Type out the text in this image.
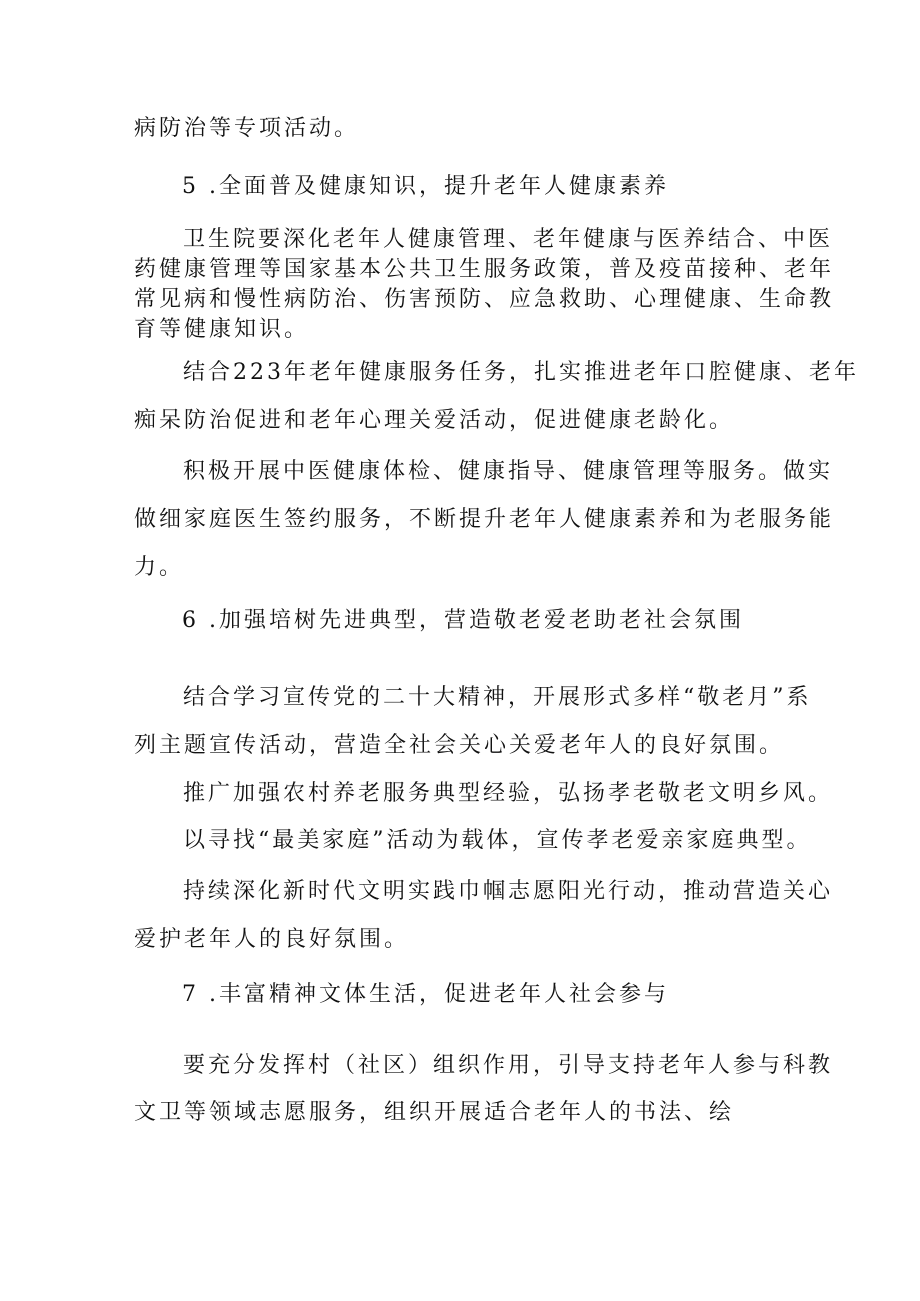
病防治等专项活动。
5 .全面普及健康知识，提升老年人健康素养
卫生院要深化老年人健康管理、老年健康与医养结合、中医
药健康管理等国家基本公共卫生服务政策，普及疫苗接种、老年
常见病和慢性病防治、伤害预防、应急救助、心理健康、生命教
育等健康知识。
结合223年老年健康服务任务，扎实推进老年口腔健康、老年
痴呆防治促进和老年心理关爱活动，促进健康老龄化。
积极开展中医健康体检、健康指导、健康管理等服务。做实
做细家庭医生签约服务，不断提升老年人健康素养和为老服务能
力。
6 .加强培树先进典型，营造敬老爱老助老社会氛围
结合学习宣传党的二十大精神，开展形式多样“敬老月”系
列主题宣传活动，营造全社会关心关爱老年人的良好氛围。
推广加强农村养老服务典型经验，弘扬孝老敬老文明乡风。
以寻找“最美家庭”活动为载体，宣传孝老爱亲家庭典型。
持续深化新时代文明实践巾帼志愿阳光行动，推动营造关心
爱护老年人的良好氛围。
7 .丰富精神文体生活，促进老年人社会参与
要充分发挥村（社区）组织作用，引导支持老年人参与科教
文卫等领域志愿服务，组织开展适合老年人的书法、绘
